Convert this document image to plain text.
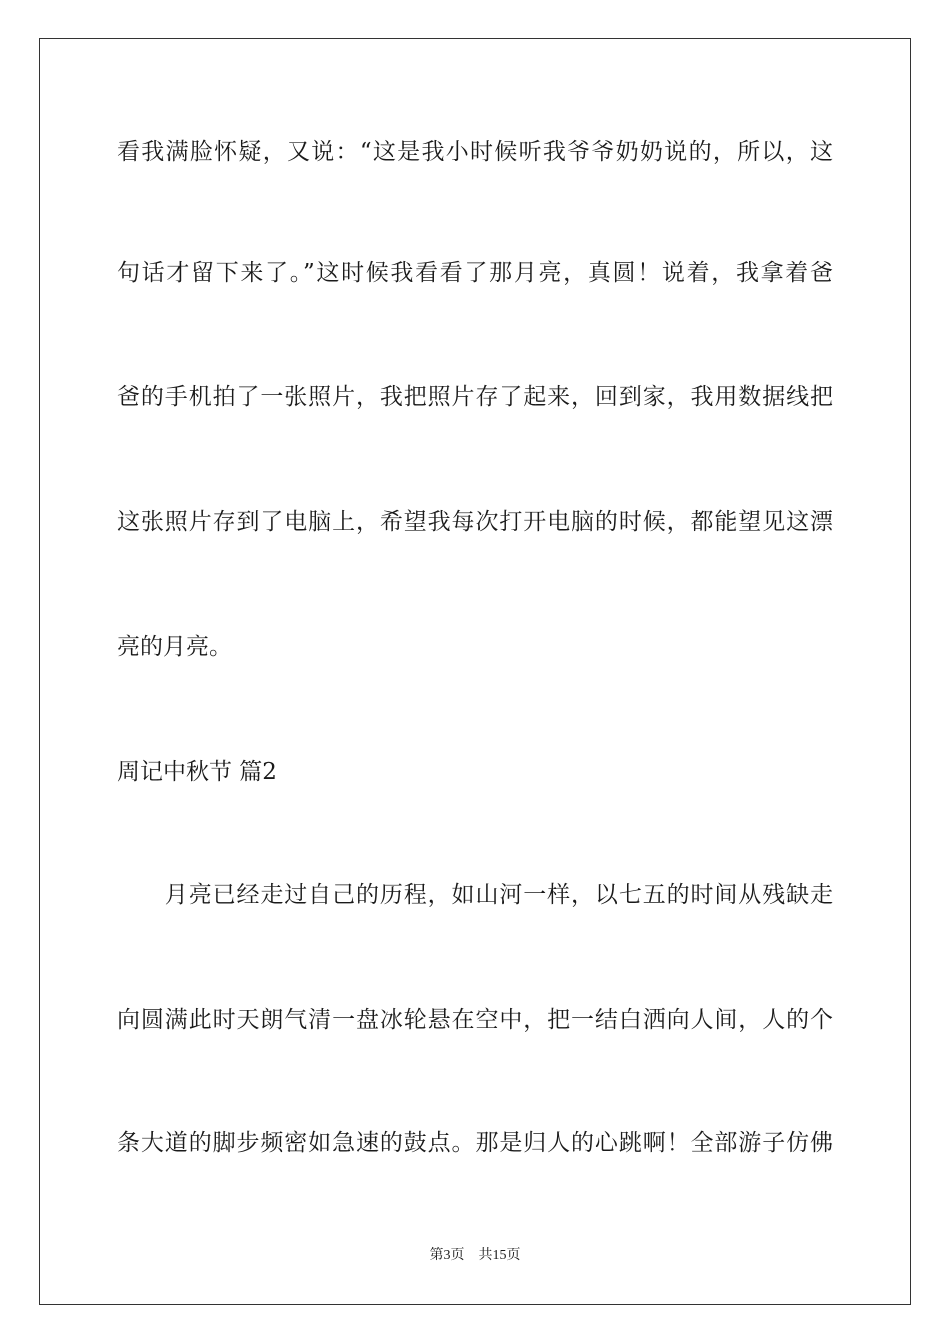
看我满脸怀疑，又说：“这是我小时候听我爷爷奶奶说的，所以，这
句话才留下来了。”这时候我看看了那月亮，真圆！说着，我拿着爸
爸的手机拍了一张照片，我把照片存了起来，回到家，我用数据线把
这张照片存到了电脑上，希望我每次打开电脑的时候，都能望见这漂
亮的月亮。
周记中秋节 篇2
　　月亮已经走过自己的历程，如山河一样，以七五的时间从残缺走
向圆满此时天朗气清一盘冰轮悬在空中，把一结白洒向人间，人的个
条大道的脚步频密如急速的鼓点。那是归人的心跳啊！全部游子仿佛
第3页 共15页
